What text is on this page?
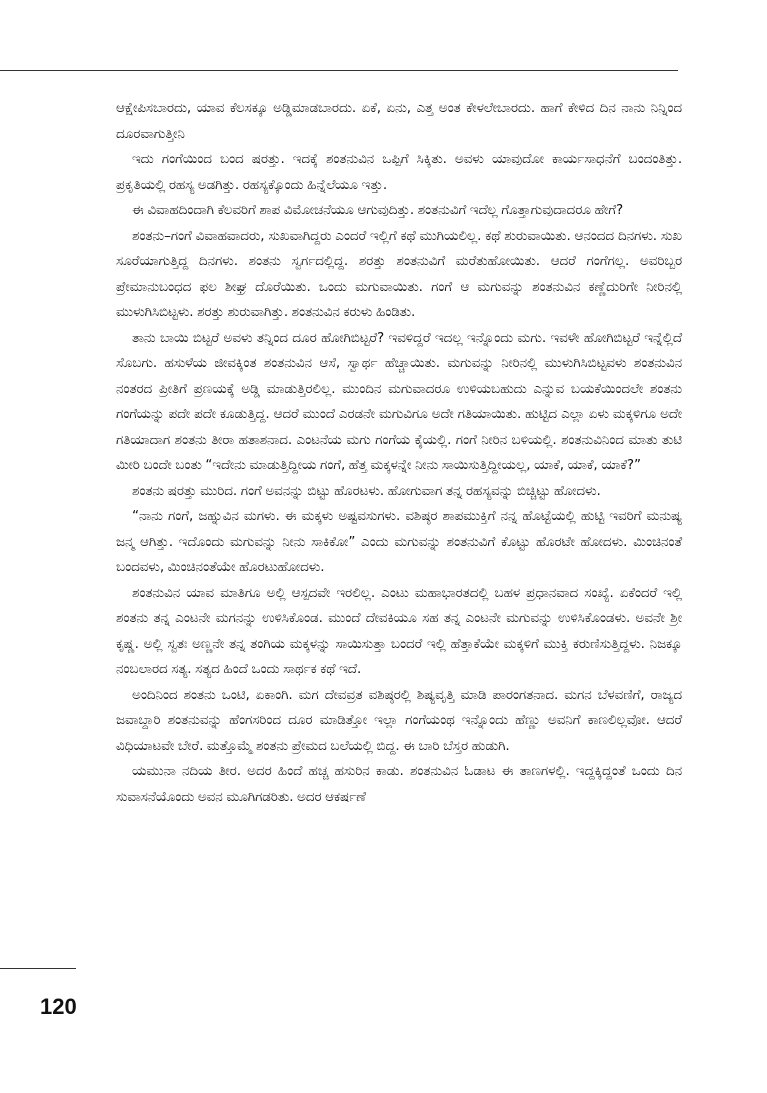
ಆಕ್ಷೇಪಿಸಬಾರದು, ಯಾವ ಕೆಲಸಕ್ಕೂ ಅಡ್ಡಿಮಾಡಬಾರದು. ಏಕೆ, ಏನು, ಎತ್ತ ಅಂತ ಕೇಳಲೇಬಾರದು. ಹಾಗೆ ಕೇಳಿದ ದಿನ ನಾನು ನಿನ್ನಿಂದ ದೂರವಾಗುತ್ತೀನಿ

ಇದು ಗಂಗೆಯಿಂದ ಬಂದ ಷರತ್ತು. ಇದಕ್ಕೆ ಶಂತನುವಿನ ಒಪ್ಪಿಗೆ ಸಿಕ್ಕಿತು. ಅವಳು ಯಾವುದೋ ಕಾರ್ಯಸಾಧನೆಗೆ ಬಂದಂತಿತ್ತು. ಪ್ರಕೃತಿಯಲ್ಲಿ ರಹಸ್ಯ ಅಡಗಿತ್ತು. ರಹಸ್ಯಕ್ಕೊಂದು ಹಿನ್ನೆಲೆಯೂ ಇತ್ತು.

ಈ ವಿವಾಹದಿಂದಾಗಿ ಕೆಲವರಿಗೆ ಶಾಪ ವಿಮೋಚನೆಯೂ ಆಗುವುದಿತ್ತು. ಶಂತನುವಿಗೆ ಇದೆಲ್ಲ ಗೊತ್ತಾಗುವುದಾದರೂ ಹೇಗೆ?

ಶಂತನು–ಗಂಗೆ ವಿವಾಹವಾದರು, ಸುಖವಾಗಿದ್ದರು ಎಂದರೆ ಇಲ್ಲಿಗೆ ಕಥೆ ಮುಗಿಯಲಿಲ್ಲ. ಕಥೆ ಶುರುವಾಯಿತು. ಆನಂದದ ದಿನಗಳು. ಸುಖ ಸೂರೆಯಾಗುತ್ತಿದ್ದ ದಿನಗಳು. ಶಂತನು ಸ್ವರ್ಗದಲ್ಲಿದ್ದ. ಶರತ್ತು ಶಂತನುವಿಗೆ ಮರೆತುಹೋಯಿತು. ಆದರೆ ಗಂಗೆಗಲ್ಲ. ಅವರಿಬ್ಬರ ಪ್ರೇಮಾನುಬಂಧದ ಫಲ ಶೀಘ್ರ ದೊರೆಯಿತು. ಒಂದು ಮಗುವಾಯಿತು. ಗಂಗೆ ಆ ಮಗುವನ್ನು ಶಂತನುವಿನ ಕಣ್ಣೆದುರಿಗೇ ನೀರಿನಲ್ಲಿ ಮುಳುಗಿಸಿಬಿಟ್ಟಳು. ಶರತ್ತು ಶುರುವಾಗಿತ್ತು. ಶಂತನುವಿನ ಕರುಳು ಹಿಂಡಿತು.

ತಾನು ಬಾಯಿ ಬಿಟ್ಟರೆ ಅವಳು ತನ್ನಿಂದ ದೂರ ಹೋಗಿಬಿಟ್ಟರೆ? ಇವಳಿದ್ದರೆ ಇದಲ್ಲ ಇನ್ನೊಂದು ಮಗು. ಇವಳೇ ಹೋಗಿಬಿಟ್ಟರೆ ಇನ್ನೆಲ್ಲಿದೆ ಸೊಬಗು. ಹಸುಳೆಯ ಜೀವಕ್ಕಿಂತ ಶಂತನುವಿನ ಆಸೆ, ಸ್ವಾರ್ಥ ಹೆಚ್ಚಾಯಿತು. ಮಗುವನ್ನು ನೀರಿನಲ್ಲಿ ಮುಳುಗಿಸಿಬಿಟ್ಟವಳು ಶಂತನುವಿನ ನಂತರದ ಪ್ರೀತಿಗೆ ಪ್ರಣಯಕ್ಕೆ ಅಡ್ಡಿ ಮಾಡುತ್ತಿರಲಿಲ್ಲ. ಮುಂದಿನ ಮಗುವಾದರೂ ಉಳಿಯಬಹುದು ಎನ್ನುವ ಬಯಕೆಯಿಂದಲೇ ಶಂತನು ಗಂಗೆಯನ್ನು ಪದೇ ಪದೇ ಕೂಡುತ್ತಿದ್ದ. ಆದರೆ ಮುಂದೆ ಎರಡನೇ ಮಗುವಿಗೂ ಅದೇ ಗತಿಯಾಯಿತು. ಹುಟ್ಟಿದ ಎಲ್ಲಾ ಏಳು ಮಕ್ಕಳಿಗೂ ಅದೇ ಗತಿಯಾದಾಗ ಶಂತನು ತೀರಾ ಹತಾಶನಾದ. ಎಂಟನೆಯ ಮಗು ಗಂಗೆಯ ಕೈಯಲ್ಲಿ. ಗಂಗೆ ನೀರಿನ ಬಳಿಯಲ್ಲಿ. ಶಂತನುವಿನಿಂದ ಮಾತು ತುಟಿ ಮೀರಿ ಬಂದೇ ಬಂತು “ಇದೇನು ಮಾಡುತ್ತಿದ್ದೀಯ ಗಂಗೆ, ಹೆತ್ತ ಮಕ್ಕಳನ್ನೇ ನೀನು ಸಾಯಿಸುತ್ತಿದ್ದೀಯಲ್ಲ, ಯಾಕೆ, ಯಾಕೆ, ಯಾಕೆ?”

ಶಂತನು ಷರತ್ತು ಮುರಿದ. ಗಂಗೆ ಅವನನ್ನು ಬಿಟ್ಟು ಹೊರಟಳು. ಹೋಗುವಾಗ ತನ್ನ ರಹಸ್ಯವನ್ನು ಬಿಚ್ಚಿಟ್ಟು ಹೋದಳು.

“ನಾನು ಗಂಗೆ, ಜಹ್ನುವಿನ ಮಗಳು. ಈ ಮಕ್ಕಳು ಅಷ್ಟವಸುಗಳು. ವಶಿಷ್ಠರ ಶಾಪಮುಕ್ತಿಗೆ ನನ್ನ ಹೊಟ್ಟೆಯಲ್ಲಿ ಹುಟ್ಟಿ ಇವರಿಗೆ ಮನುಷ್ಯ ಜನ್ಮ ಆಗಿತ್ತು. ಇದೊಂದು ಮಗುವನ್ನು ನೀನು ಸಾಕಿಕೋ” ಎಂದು ಮಗುವನ್ನು ಶಂತನುವಿಗೆ ಕೊಟ್ಟು ಹೊರಟೇ ಹೋದಳು. ಮಿಂಚಿನಂತೆ ಬಂದವಳು, ಮಿಂಚಿನಂತೆಯೇ ಹೊರಟುಹೋದಳು.

ಶಂತನುವಿನ ಯಾವ ಮಾತಿಗೂ ಅಲ್ಲಿ ಆಸ್ಪದವೇ ಇರಲಿಲ್ಲ. ಎಂಟು ಮಹಾಭಾರತದಲ್ಲಿ ಬಹಳ ಪ್ರಧಾನವಾದ ಸಂಖ್ಯೆ. ಏಕೆಂದರೆ ಇಲ್ಲಿ ಶಂತನು ತನ್ನ ಎಂಟನೇ ಮಗನನ್ನು ಉಳಿಸಿಕೊಂಡ. ಮುಂದೆ ದೇವಕಿಯೂ ಸಹ ತನ್ನ ಎಂಟನೇ ಮಗುವನ್ನು ಉಳಿಸಿಕೊಂಡಳು. ಅವನೇ ಶ್ರೀ ಕೃಷ್ಣ. ಅಲ್ಲಿ ಸ್ವತಃ ಅಣ್ಣನೇ ತನ್ನ ತಂಗಿಯ ಮಕ್ಕಳನ್ನು ಸಾಯಿಸುತ್ತಾ ಬಂದರೆ ಇಲ್ಲಿ ಹೆತ್ತಾಕೆಯೇ ಮಕ್ಕಳಿಗೆ ಮುಕ್ತಿ ಕರುಣಿಸುತ್ತಿದ್ದಳು. ನಿಜಕ್ಕೂ ನಂಬಲಾರದ ಸತ್ಯ. ಸತ್ಯದ ಹಿಂದೆ ಒಂದು ಸಾರ್ಥಕ ಕಥೆ ಇದೆ.

ಅಂದಿನಿಂದ ಶಂತನು ಒಂಟಿ, ಏಕಾಂಗಿ. ಮಗ ದೇವವ್ರತ ವಶಿಷ್ಠರಲ್ಲಿ ಶಿಷ್ಯವೃತ್ತಿ ಮಾಡಿ ಪಾರಂಗತನಾದ. ಮಗನ ಬೆಳವಣಿಗೆ, ರಾಜ್ಯದ ಜವಾಬ್ದಾರಿ ಶಂತನುವನ್ನು ಹೆಂಗಸರಿಂದ ದೂರ ಮಾಡಿತ್ತೋ ಇಲ್ಲಾ ಗಂಗೆಯಂಥ ಇನ್ನೊಂದು ಹೆಣ್ಣು ಅವನಿಗೆ ಕಾಣಲಿಲ್ಲವೋ. ಆದರೆ ವಿಧಿಯಾಟವೇ ಬೇರೆ. ಮತ್ತೊಮ್ಮೆ ಶಂತನು ಪ್ರೇಮದ ಬಲೆಯಲ್ಲಿ ಬಿದ್ದ. ಈ ಬಾರಿ ಬೆಸ್ತರ ಹುಡುಗಿ.

ಯಮುನಾ ನದಿಯ ತೀರ. ಅದರ ಹಿಂದೆ ಹಚ್ಚ ಹಸುರಿನ ಕಾಡು. ಶಂತನುವಿನ ಓಡಾಟ ಈ ತಾಣಗಳಲ್ಲಿ. ಇದ್ದಕ್ಕಿದ್ದಂತೆ ಒಂದು ದಿನ ಸುವಾಸನೆಯೊಂದು ಅವನ ಮೂಗಿಗಡರಿತು. ಅದರ ಆಕರ್ಷಣೆ

120
